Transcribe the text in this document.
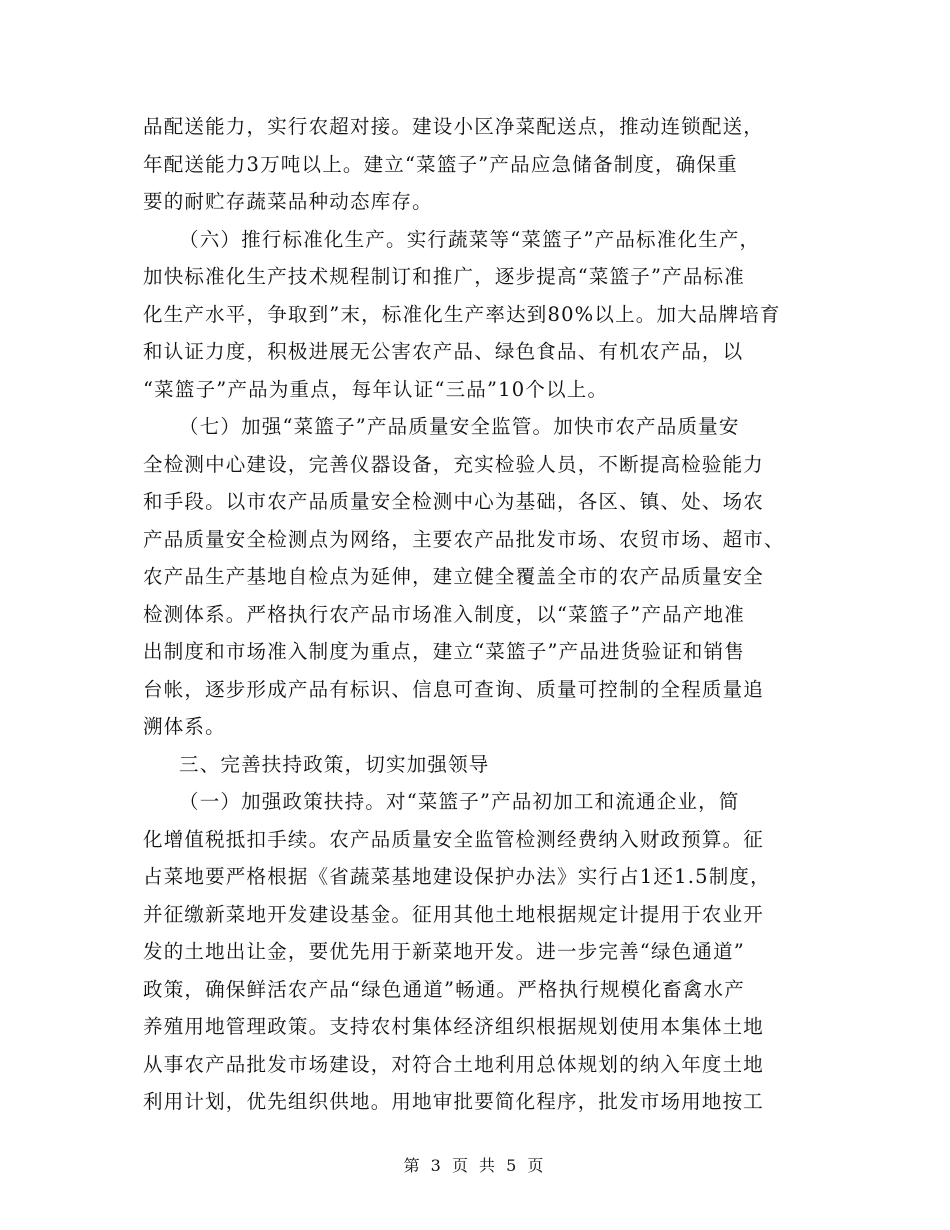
品配送能力，实行农超对接。建设小区净菜配送点，推动连锁配送，
年配送能力3万吨以上。建立“菜篮子”产品应急储备制度，确保重
要的耐贮存蔬菜品种动态库存。
（六）推行标准化生产。实行蔬菜等“菜篮子”产品标准化生产，
加快标准化生产技术规程制订和推广，逐步提高“菜篮子”产品标准
化生产水平，争取到”末，标准化生产率达到80%以上。加大品牌培育
和认证力度，积极进展无公害农产品、绿色食品、有机农产品，以
“菜篮子”产品为重点，每年认证“三品”10个以上。
（七）加强“菜篮子”产品质量安全监管。加快市农产品质量安
全检测中心建设，完善仪器设备，充实检验人员，不断提高检验能力
和手段。以市农产品质量安全检测中心为基础，各区、镇、处、场农
产品质量安全检测点为网络，主要农产品批发市场、农贸市场、超市、
农产品生产基地自检点为延伸，建立健全覆盖全市的农产品质量安全
检测体系。严格执行农产品市场准入制度，以“菜篮子”产品产地准
出制度和市场准入制度为重点，建立“菜篮子”产品进货验证和销售
台帐，逐步形成产品有标识、信息可查询、质量可控制的全程质量追
溯体系。
三、完善扶持政策，切实加强领导
（一）加强政策扶持。对“菜篮子”产品初加工和流通企业，简
化增值税抵扣手续。农产品质量安全监管检测经费纳入财政预算。征
占菜地要严格根据《省蔬菜基地建设保护办法》实行占1还1.5制度，
并征缴新菜地开发建设基金。征用其他土地根据规定计提用于农业开
发的土地出让金，要优先用于新菜地开发。进一步完善“绿色通道”
政策，确保鲜活农产品“绿色通道”畅通。严格执行规模化畜禽水产
养殖用地管理政策。支持农村集体经济组织根据规划使用本集体土地
从事农产品批发市场建设，对符合土地利用总体规划的纳入年度土地
利用计划，优先组织供地。用地审批要简化程序，批发市场用地按工
第 3 页 共 5 页
